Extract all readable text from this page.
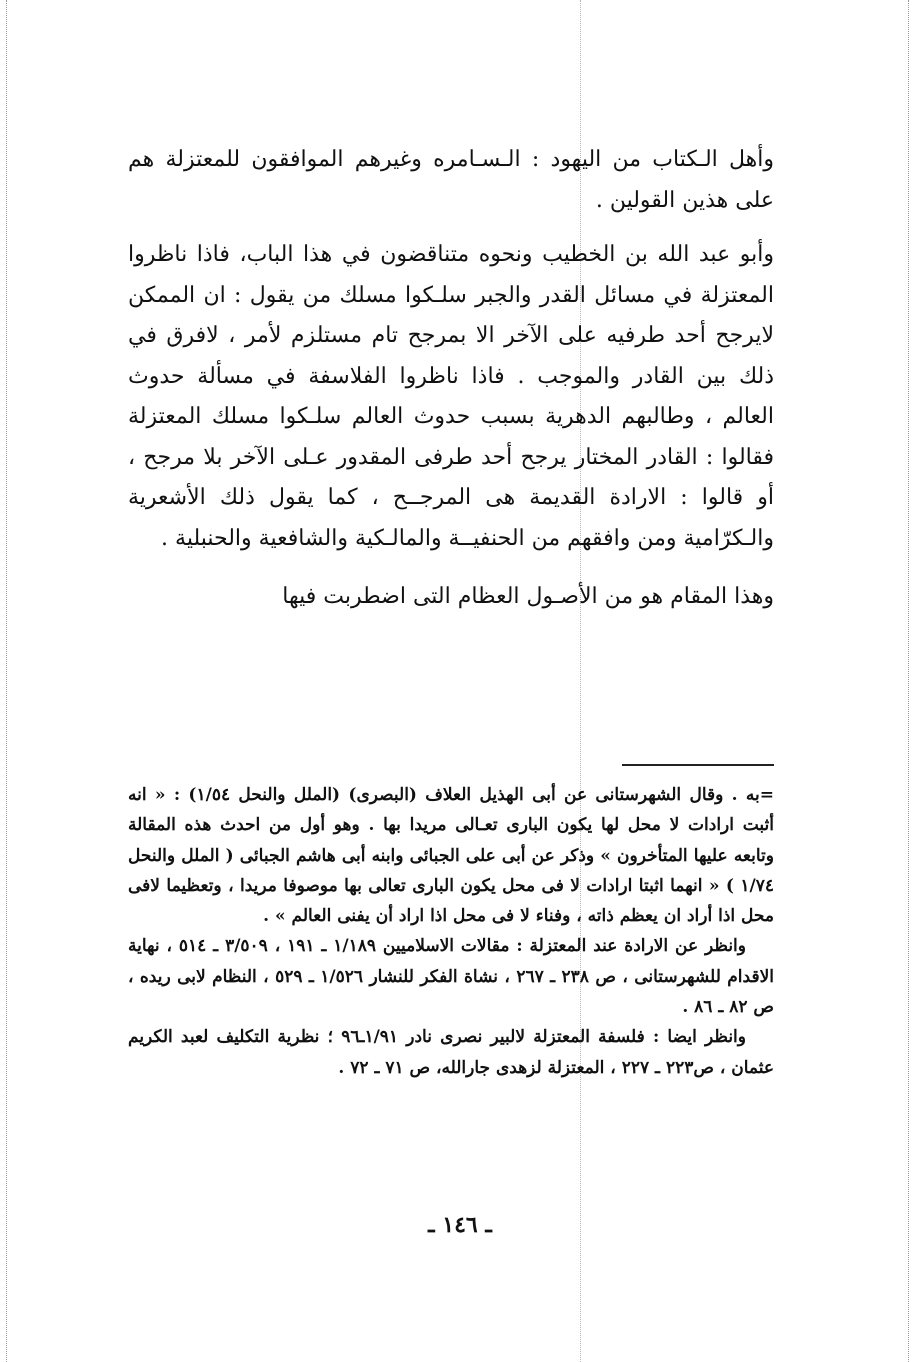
وأهل الـكتاب من اليهود : الـسـامره وغيرهم الموافقون للمعتزلة هم على هذين القولين .

وأبو عبد الله بن الخطيب ونحوه متناقضون في هذا الباب، فاذا ناظروا المعتزلة في مسائل القدر والجبر سلـكوا مسلك من يقول : ان الممكن لايرجح أحد طرفيه على الآخر الا بمرجح تام مستلزم لأمر ، لافرق في ذلك بين القادر والموجب . فاذا ناظروا الفلاسفة في مسألة حدوث العالم ، وطالبهم الدهرية بسبب حدوث العالم سلـكوا مسلك المعتزلة فقالوا : القادر المختار يرجح أحد طرفى المقدور عـلى الآخر بلا مرجح ، أو قالوا : الارادة القديمة هى المرجــح ، كما يقول ذلك الأشعرية والـكرّامية ومن وافقهم من الحنفيــة والمالـكية والشافعية والحنبلية .

وهذا المقام هو من الأصـول العظام التى اضطربت فيها

=به . وقال الشهرستانى عن أبى الهذيل العلاف (البصرى) (الملل والنحل ١/٥٤) : « انه أثبت ارادات لا محل لها يكون البارى تعـالى مريدا بها . وهو أول من احدث هذه المقالة وتابعه عليها المتأخرون » وذكر عن أبى على الجبائى وابنه أبى هاشم الجبائى ( الملل والنحل ١/٧٤ ) « انهما اثبتا ارادات لا فى محل يكون البارى تعالى بها موصوفا مريدا ، وتعظيما لافى محل اذا أراد ان يعظم ذاته ، وفناء لا فى محل اذا اراد أن يفنى العالم » .

وانظر عن الارادة عند المعتزلة : مقالات الاسلاميين ١/١٨٩ ـ ١٩١ ، ٣/٥٠٩ ـ ٥١٤ ، نهاية الاقدام للشهرستانى ، ص ٢٣٨ ـ ٢٦٧ ، نشاة الفكر للنشار ١/٥٢٦ ـ ٥٢٩ ، النظام لابى ريده ، ص ٨٢ ـ ٨٦ .

وانظر ايضا : فلسفة المعتزلة لالبير نصرى نادر ١/٩١ـ٩٦ ؛ نظرية التكليف لعبد الكريم عثمان ، ص٢٢٣ ـ ٢٢٧ ، المعتزلة لزهدى جارالله، ص ٧١ ـ ٧٢ .

ـ ١٤٦ ـ
